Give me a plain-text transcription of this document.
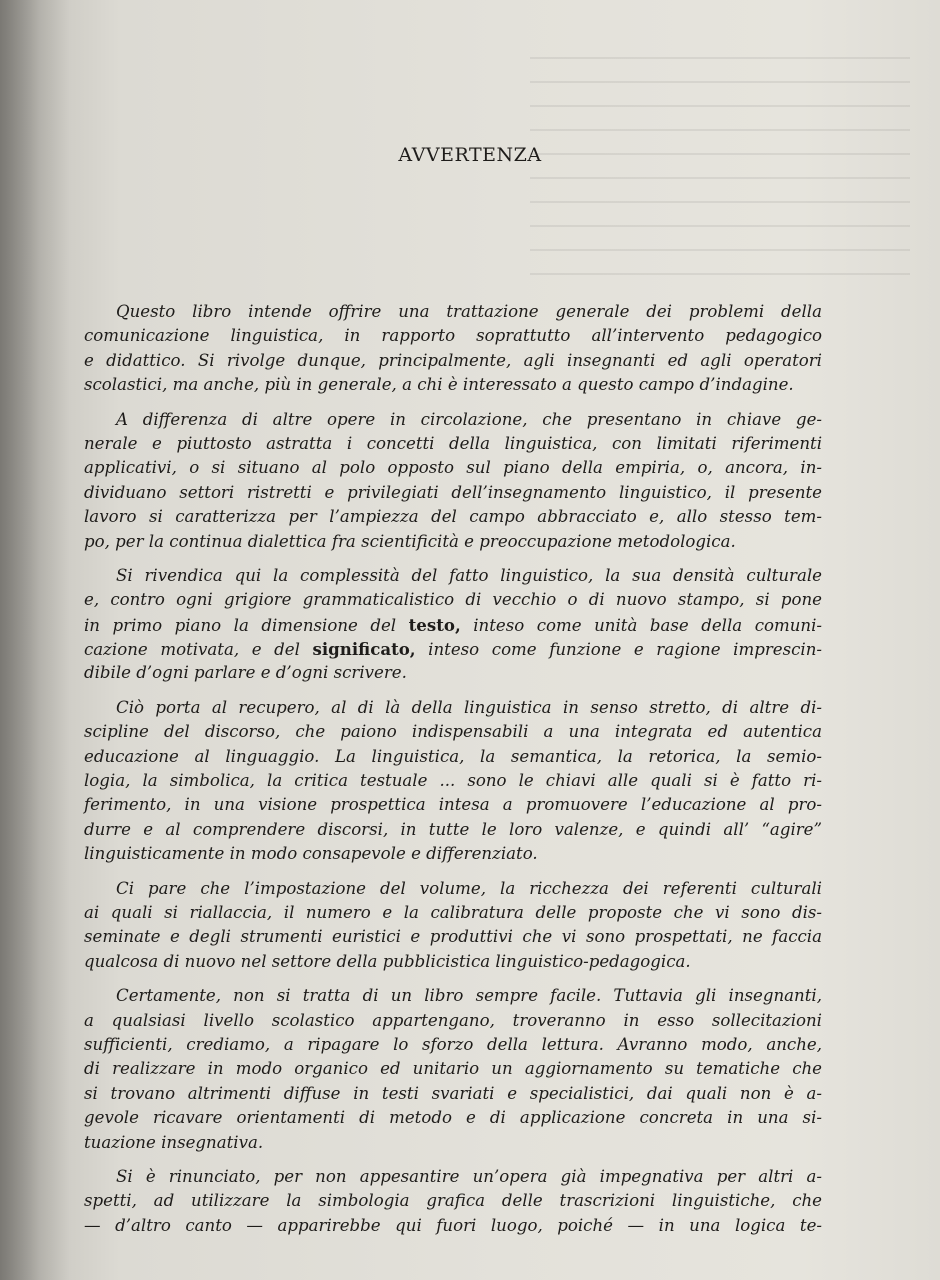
AVVERTENZA
Questo libro intende offrire una trattazione generale dei problemi della
comunicazione linguistica, in rapporto soprattutto all’intervento pedagogico
e didattico. Si rivolge dunque, principalmente, agli insegnanti ed agli operatori
scolastici, ma anche, più in generale, a chi è interessato a questo campo d’indagine.
A differenza di altre opere in circolazione, che presentano in chiave ge-
nerale e piuttosto astratta i concetti della linguistica, con limitati riferimenti
applicativi, o si situano al polo opposto sul piano della empiria, o, ancora, in-
dividuano settori ristretti e privilegiati dell’insegnamento linguistico, il presente
lavoro si caratterizza per l’ampiezza del campo abbracciato e, allo stesso tem-
po, per la continua dialettica fra scientificità e preoccupazione metodologica.
Si rivendica qui la complessità del fatto linguistico, la sua densità culturale
e, contro ogni grigiore grammaticalistico di vecchio o di nuovo stampo, si pone
in primo piano la dimensione del testo, inteso come unità base della comuni-
cazione motivata, e del significato, inteso come funzione e ragione imprescin-
dibile d’ogni parlare e d’ogni scrivere.
Ciò porta al recupero, al di là della linguistica in senso stretto, di altre di-
scipline del discorso, che paiono indispensabili a una integrata ed autentica
educazione al linguaggio. La linguistica, la semantica, la retorica, la semio-
logia, la simbolica, la critica testuale ... sono le chiavi alle quali si è fatto ri-
ferimento, in una visione prospettica intesa a promuovere l’educazione al pro-
durre e al comprendere discorsi, in tutte le loro valenze, e quindi all’ “agire”
linguisticamente in modo consapevole e differenziato.
Ci pare che l’impostazione del volume, la ricchezza dei referenti culturali
ai quali si riallaccia, il numero e la calibratura delle proposte che vi sono dis-
seminate e degli strumenti euristici e produttivi che vi sono prospettati, ne faccia
qualcosa di nuovo nel settore della pubblicistica linguistico-pedagogica.
Certamente, non si tratta di un libro sempre facile. Tuttavia gli insegnanti,
a qualsiasi livello scolastico appartengano, troveranno in esso sollecitazioni
sufficienti, crediamo, a ripagare lo sforzo della lettura. Avranno modo, anche,
di realizzare in modo organico ed unitario un aggiornamento su tematiche che
si trovano altrimenti diffuse in testi svariati e specialistici, dai quali non è a-
gevole ricavare orientamenti di metodo e di applicazione concreta in una si-
tuazione insegnativa.
Si è rinunciato, per non appesantire un’opera già impegnativa per altri a-
spetti, ad utilizzare la simbologia grafica delle trascrizioni linguistiche, che
— d’altro canto — apparirebbe qui fuori luogo, poiché — in una logica te-
